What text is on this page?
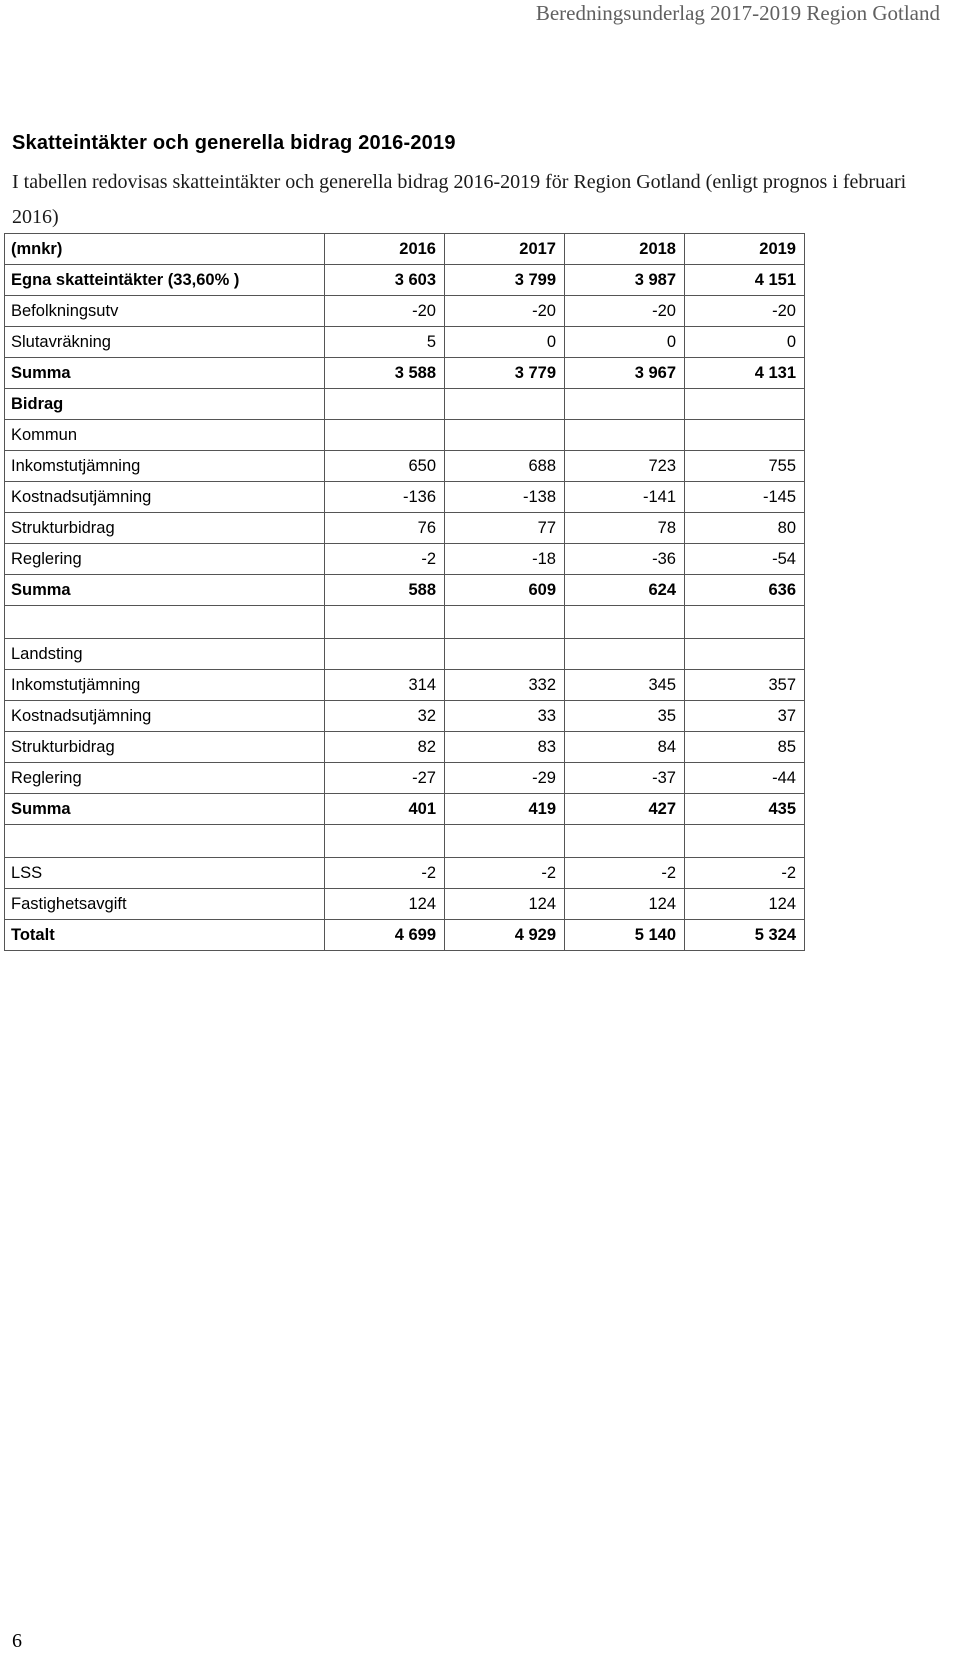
Beredningsunderlag 2017-2019 Region Gotland
Skatteintäkter och generella bidrag 2016-2019
I tabellen redovisas skatteintäkter och generella bidrag 2016-2019 för Region Gotland (enligt prognos i februari 2016)
(mnkr)	2016	2017	2018	2019
Egna skatteintäkter (33,60% )	3 603	3 799	3 987	4 151
Befolkningsutv	-20	-20	-20	-20
Slutavräkning	5	0	0	0
Summa	3 588	3 779	3 967	4 131
Bidrag				
Kommun				
Inkomstutjämning	650	688	723	755
Kostnadsutjämning	-136	-138	-141	-145
Strukturbidrag	76	77	78	80
Reglering	-2	-18	-36	-54
Summa	588	609	624	636

Landsting				
Inkomstutjämning	314	332	345	357
Kostnadsutjämning	32	33	35	37
Strukturbidrag	82	83	84	85
Reglering	-27	-29	-37	-44
Summa	401	419	427	435

LSS	-2	-2	-2	-2
Fastighetsavgift	124	124	124	124
Totalt	4 699	4 929	5 140	5 324
6
